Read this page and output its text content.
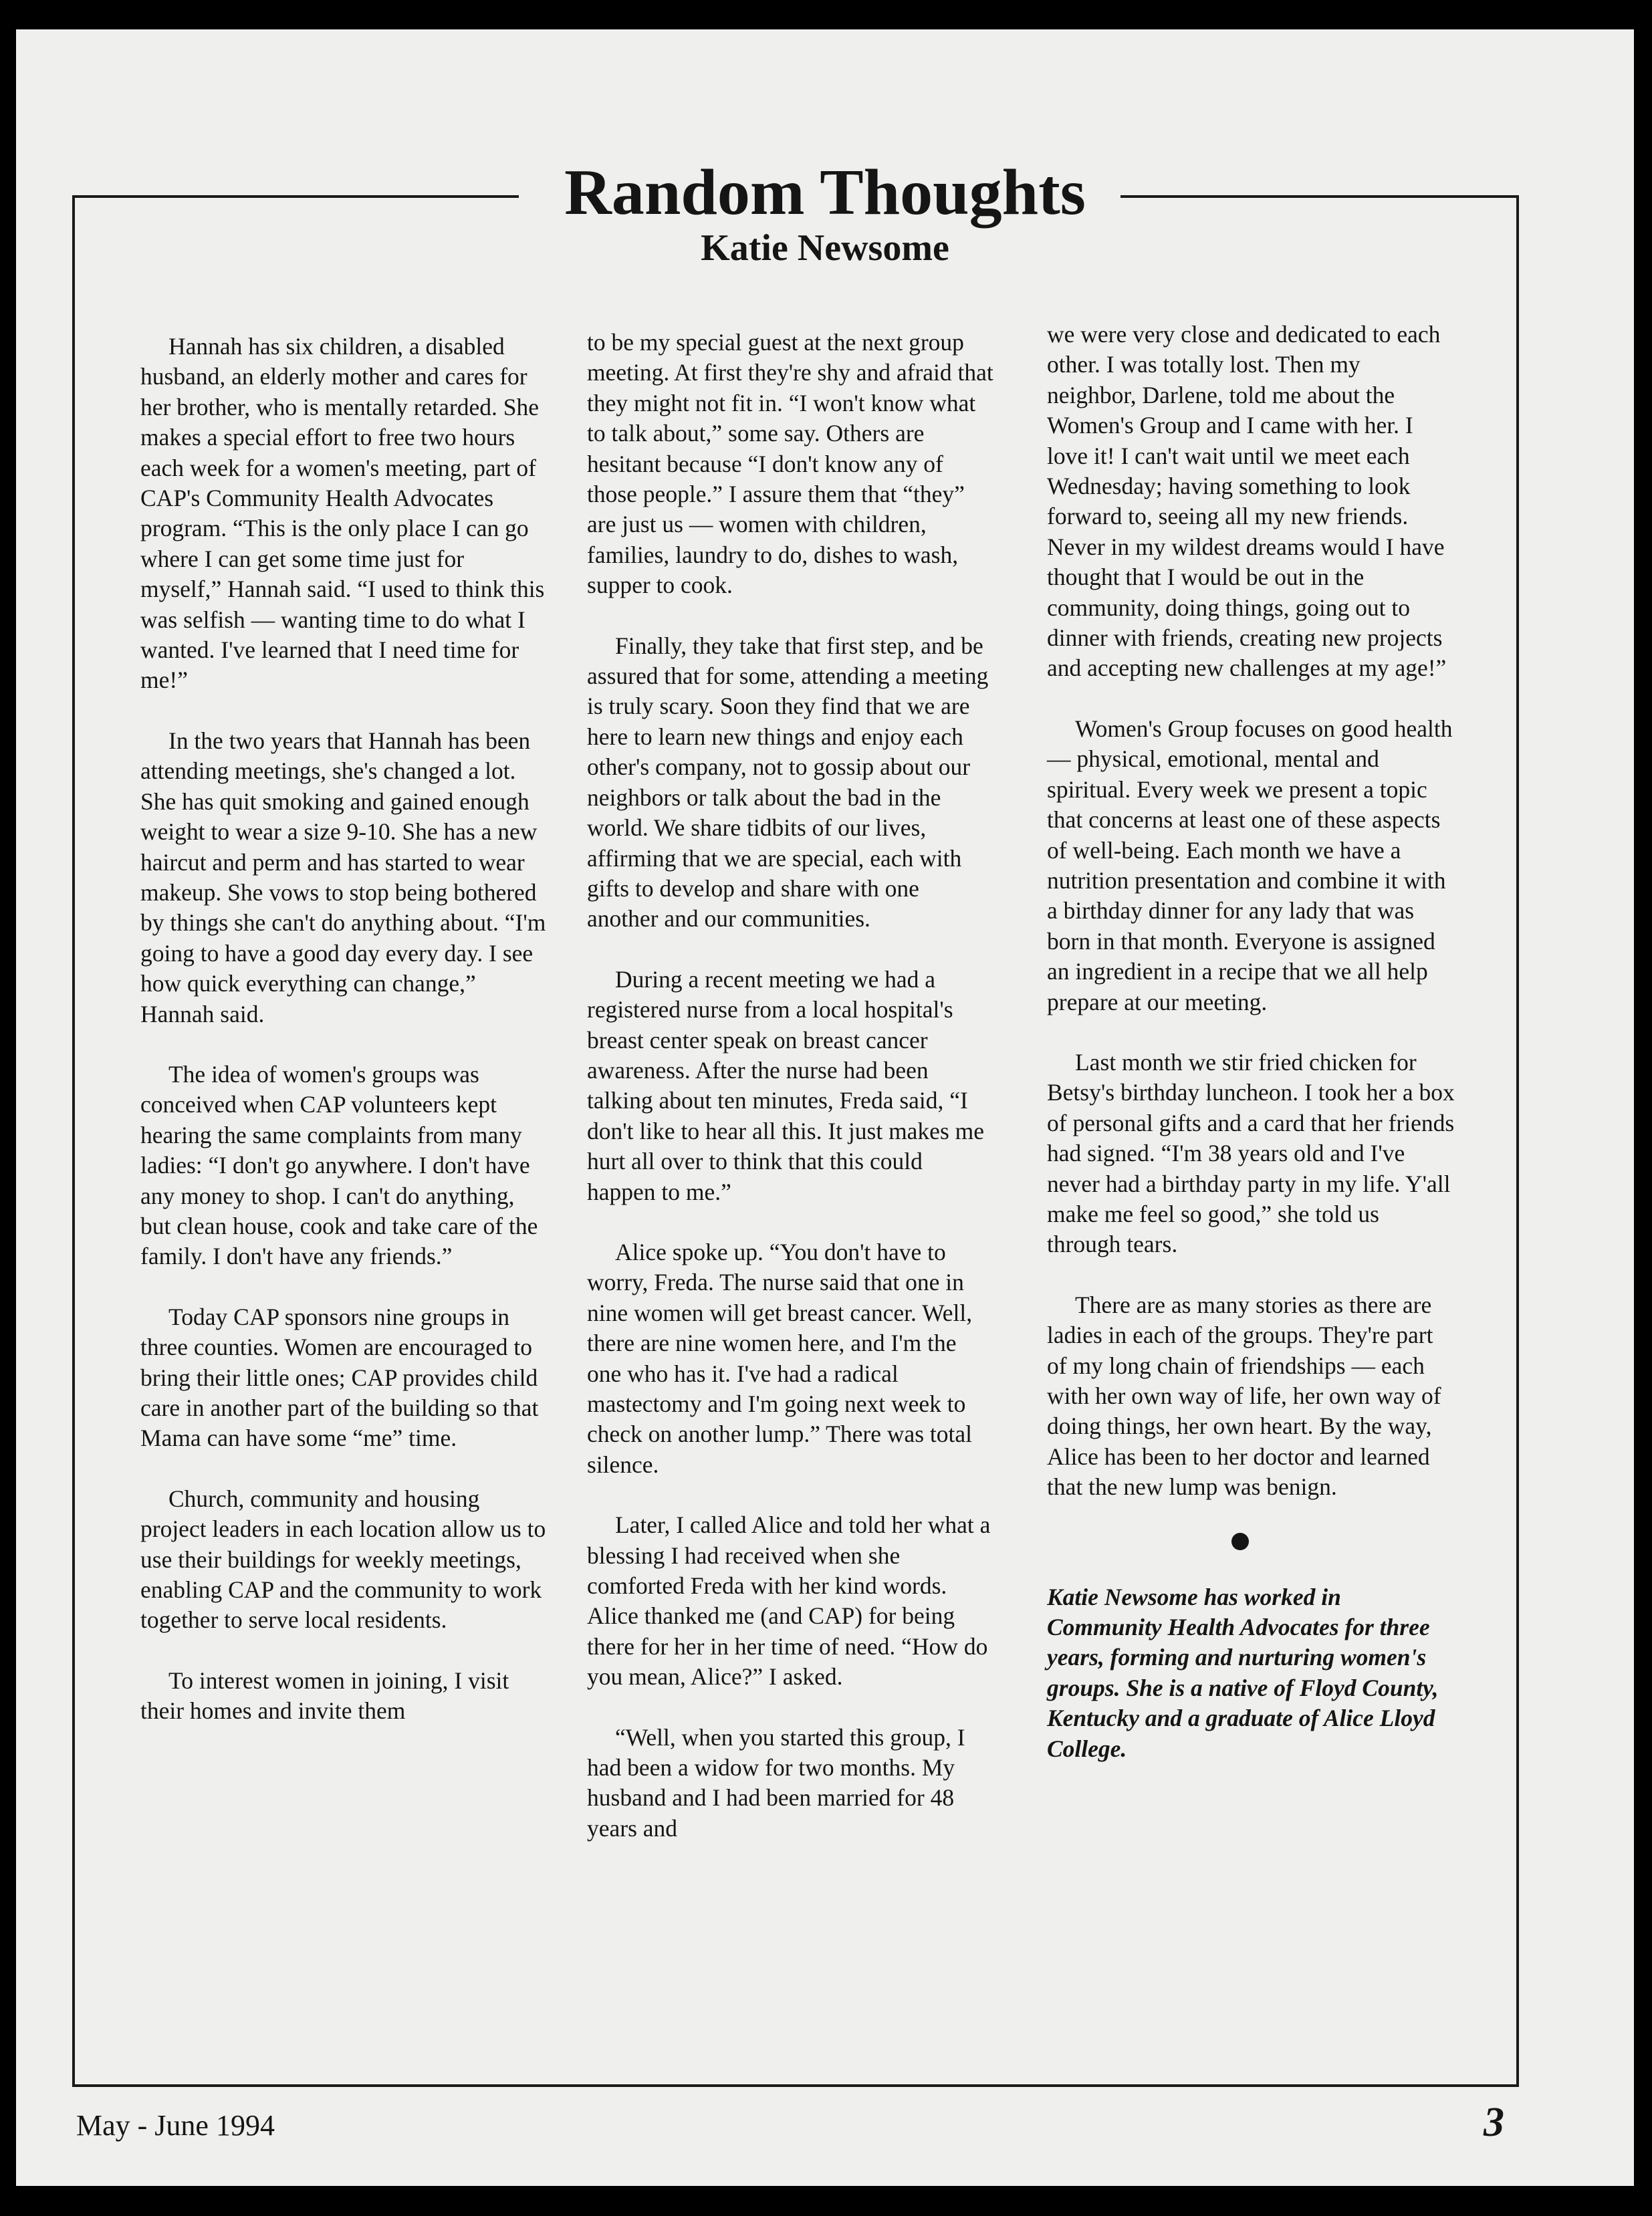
Random Thoughts
Katie Newsome

Hannah has six children, a disabled husband, an elderly mother and cares for her brother, who is mentally retarded. She makes a special effort to free two hours each week for a women's meeting, part of CAP's Community Health Advocates program. “This is the only place I can go where I can get some time just for myself,” Hannah said. “I used to think this was selfish — wanting time to do what I wanted. I've learned that I need time for me!”

In the two years that Hannah has been attending meetings, she's changed a lot. She has quit smoking and gained enough weight to wear a size 9-10. She has a new haircut and perm and has started to wear makeup. She vows to stop being bothered by things she can't do anything about. “I'm going to have a good day every day. I see how quick everything can change,” Hannah said.

The idea of women's groups was conceived when CAP volunteers kept hearing the same complaints from many ladies: “I don't go anywhere. I don't have any money to shop. I can't do anything, but clean house, cook and take care of the family. I don't have any friends.”

Today CAP sponsors nine groups in three counties. Women are encouraged to bring their little ones; CAP provides child care in another part of the building so that Mama can have some “me” time.

Church, community and housing project leaders in each location allow us to use their buildings for weekly meetings, enabling CAP and the community to work together to serve local residents.

To interest women in joining, I visit their homes and invite them

to be my special guest at the next group meeting. At first they're shy and afraid that they might not fit in. “I won't know what to talk about,” some say. Others are hesitant because “I don't know any of those people.” I assure them that “they” are just us — women with children, families, laundry to do, dishes to wash, supper to cook.

Finally, they take that first step, and be assured that for some, attending a meeting is truly scary. Soon they find that we are here to learn new things and enjoy each other's company, not to gossip about our neighbors or talk about the bad in the world. We share tidbits of our lives, affirming that we are special, each with gifts to develop and share with one another and our communities.

During a recent meeting we had a registered nurse from a local hospital's breast center speak on breast cancer awareness. After the nurse had been talking about ten minutes, Freda said, “I don't like to hear all this. It just makes me hurt all over to think that this could happen to me.”

Alice spoke up. “You don't have to worry, Freda. The nurse said that one in nine women will get breast cancer. Well, there are nine women here, and I'm the one who has it. I've had a radical mastectomy and I'm going next week to check on another lump.” There was total silence.

Later, I called Alice and told her what a blessing I had received when she comforted Freda with her kind words. Alice thanked me (and CAP) for being there for her in her time of need. “How do you mean, Alice?” I asked.

“Well, when you started this group, I had been a widow for two months. My husband and I had been married for 48 years and

we were very close and dedicated to each other. I was totally lost. Then my neighbor, Darlene, told me about the Women's Group and I came with her. I love it! I can't wait until we meet each Wednesday; having something to look forward to, seeing all my new friends. Never in my wildest dreams would I have thought that I would be out in the community, doing things, going out to dinner with friends, creating new projects and accepting new challenges at my age!”

Women's Group focuses on good health — physical, emotional, mental and spiritual. Every week we present a topic that concerns at least one of these aspects of well-being. Each month we have a nutrition presentation and combine it with a birthday dinner for any lady that was born in that month. Everyone is assigned an ingredient in a recipe that we all help prepare at our meeting.

Last month we stir fried chicken for Betsy's birthday luncheon. I took her a box of personal gifts and a card that her friends had signed. “I'm 38 years old and I've never had a birthday party in my life. Y'all make me feel so good,” she told us through tears.

There are as many stories as there are ladies in each of the groups. They're part of my long chain of friendships — each with her own way of life, her own way of doing things, her own heart. By the way, Alice has been to her doctor and learned that the new lump was benign.

Katie Newsome has worked in Community Health Advocates for three years, forming and nurturing women's groups. She is a native of Floyd County, Kentucky and a graduate of Alice Lloyd College.

May - June 1994	3
